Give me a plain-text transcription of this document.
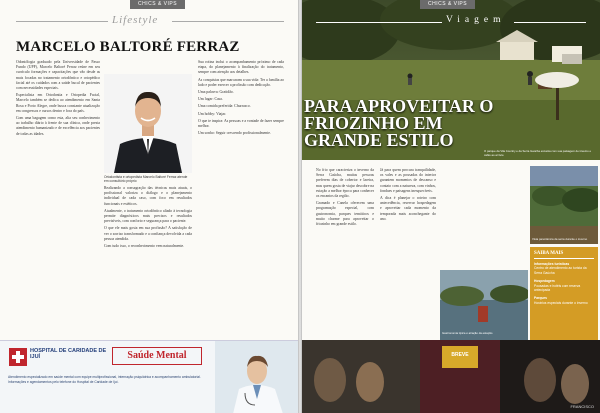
CHICS & VIPS
Lifestyle
MARCELO BALTORÉ FERRAZ

Odontólogia graduado pela Universidade de Passo Fundo (UPF), Marcelo Baltoré Ferraz reúne em seu currículo formações e capacitações que vão desde as mais focadas no tratamento ortodôntico e ortopédico facial até os cuidados com a saúde bucal de pacientes com necessidades especiais.

Especialista em Ortodontia e Ortopedia Facial, Marcelo também se dedica ao atendimento em Santa Rosa e Porto Alegre, onde busca constante atualização em congressos e cursos dentro e fora do país.

Com uma bagagem como esta, alia seu conhecimento ao trabalho diário à frente de sua clínica, onde presta atendimento humanizado e de excelência aos pacientes de todas as idades.

Ortodontista e ortopedista Marcelo Baltoré Ferraz atende em consultório próprio

Realizando a consagração das técnicas mais atuais, o profissional valoriza o diálogo e o planejamento individual de cada caso, com foco em resultados funcionais e estéticos.

Atualmente, o tratamento ortodôntico aliado à tecnologia permite diagnósticos mais precisos e resultados previsíveis, com conforto e segurança para o paciente.

O que ele mais gosta em sua profissão? A satisfação de ver o sorriso transformado e a confiança devolvida a cada pessoa atendida.

Com tudo isso, o reconhecimento vem naturalmente.

Sua rotina inclui o acompanhamento próximo de cada etapa, do planejamento à finalização do tratamento, sempre com atenção aos detalhes.

As conquistas que marcaram a sua vida: Ter a família ao lado e poder exercer a profissão com dedicação.

Uma palavra: Gratidão.

Um lugar: Casa.

Uma comida preferida: Churrasco.

Um hobby: Viajar.

O que te inspira: As pessoas e a vontade de fazer sempre melhor.

Um sonho: Seguir crescendo profissionalmente.

HOSPITAL DE CARIDADE DE IJUÍ	Saúde Mental
Atendimento especializado em saúde mental com equipe multiprofissional, internação psiquiátrica e acompanhamento ambulatorial. Informações e agendamentos pelo telefone do Hospital de Caridade de Ijuí.
CHICS & VIPS
Viagem
PARA APROVEITAR O FRIOZINHO EM GRANDE ESTILO
O parque da Vila Country e da Serra Gaúcha encanta com sua paisagem de inverno e cafés ao ar livre

No frio que caracteriza o inverno da Serra Gaúcha, muitas pessoas preferem dias de cobertor e lareira, mas quem gosta de viajar descobre na estação a melhor época para conhecer os encantos da região.

Gramado e Canela oferecem uma programação especial, com gastronomia, parques temáticos e muito charme para aproveitar o friozinho em grande estilo.

Já para quem procura tranquilidade, os vales e as pousadas do interior garantem momentos de descanso e contato com a natureza, com vinhos, fondues e paisagens inesquecíveis.

A dica é planejar o roteiro com antecedência, reservar hospedagem e aproveitar cada momento da temporada mais aconchegante do ano.

Vista panorâmica da serra durante o inverno
Gastronomia típica é atração da estação
SAIBA MAIS
Informações turísticas
Centro de atendimento ao turista da Serra Gaúcha
Hospedagem
Pousadas e hotéis com reserva antecipada
Parques
Horários especiais durante o inverno
BREVE
FRANCISCO
